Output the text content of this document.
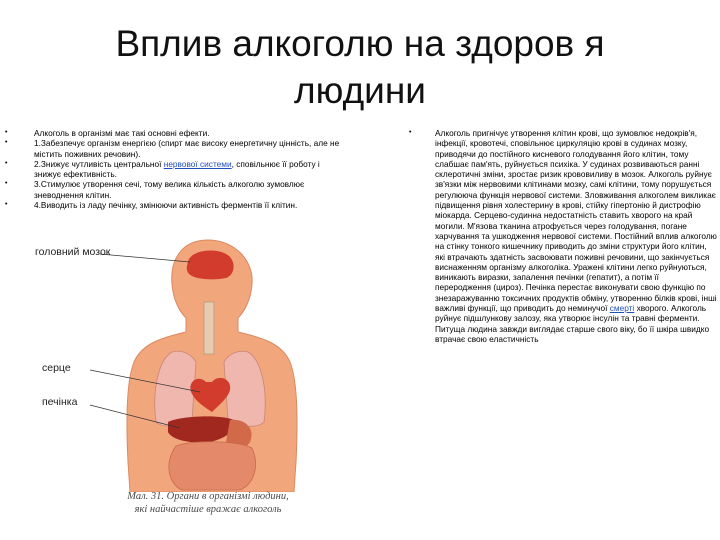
Вплив алкоголю на здоров я
людини
• Алкоголь в організмі має такі основні ефекти.
• 1.Забезпечує організм енергією (спирт має високу енергетичну цінність, але не містить поживних речовин).
• 2.Знижує чутливість центральної нервової системи, сповільнює її роботу і знижує ефективність.
• 3.Стимулює утворення сечі, тому велика кількість алкоголю зумовлює зневоднення клітин.
• 4.Виводить із ладу печінку, змінюючи активність ферментів її клітин.
головний мозок
серце
печінка
Мал. 31. Органи в організмі людини,
які найчастіше вражає алкоголь
• Алкоголь пригнічує утворення клітин крові, що зумовлює недокрів'я, інфекції, кровотечі, сповільнює циркуляцію крові в судинах мозку, приводячи до постійного кисневого голодування його клітин, тому слабшає пам'ять, руйнується психіка. У судинах розвиваються ранні склеротичні зміни, зростає ризик крововиливу в мозок. Алкоголь руйнує зв'язки між нервовими клітинами мозку, самі клітини, тому порушується регулююча функція нервової системи. Зловживання алкоголем викликає підвищення рівня холестерину в крові, стійку гіпертонію й дистрофію міокарда. Серцево-судинна недостатність ставить хворого на край могили. М'язова тканина атрофується через голодування, погане харчування та ушкодження нервової системи. Постійний вплив алкоголю на стінку тонкого кишечнику приводить до зміни структури його клітин, які втрачають здатність засвоювати поживні речовини, що закінчується виснаженням організму алкоголіка. Уражені клітини легко руйнуються, виникають виразки, запалення печінки (гепатит), а потім її переродження (цироз). Печінка перестає виконувати свою функцію по знезаражуванню токсичних продуктів обміну, утворенню білків крові, інші важливі функції, що приводить до неминучої смерті хворого. Алкоголь руйнує підшлункову залозу, яка утворює інсулін та травні ферменти. Питуща людина завжди виглядає старше свого віку, бо її шкіра швидко втрачає свою еластичність
